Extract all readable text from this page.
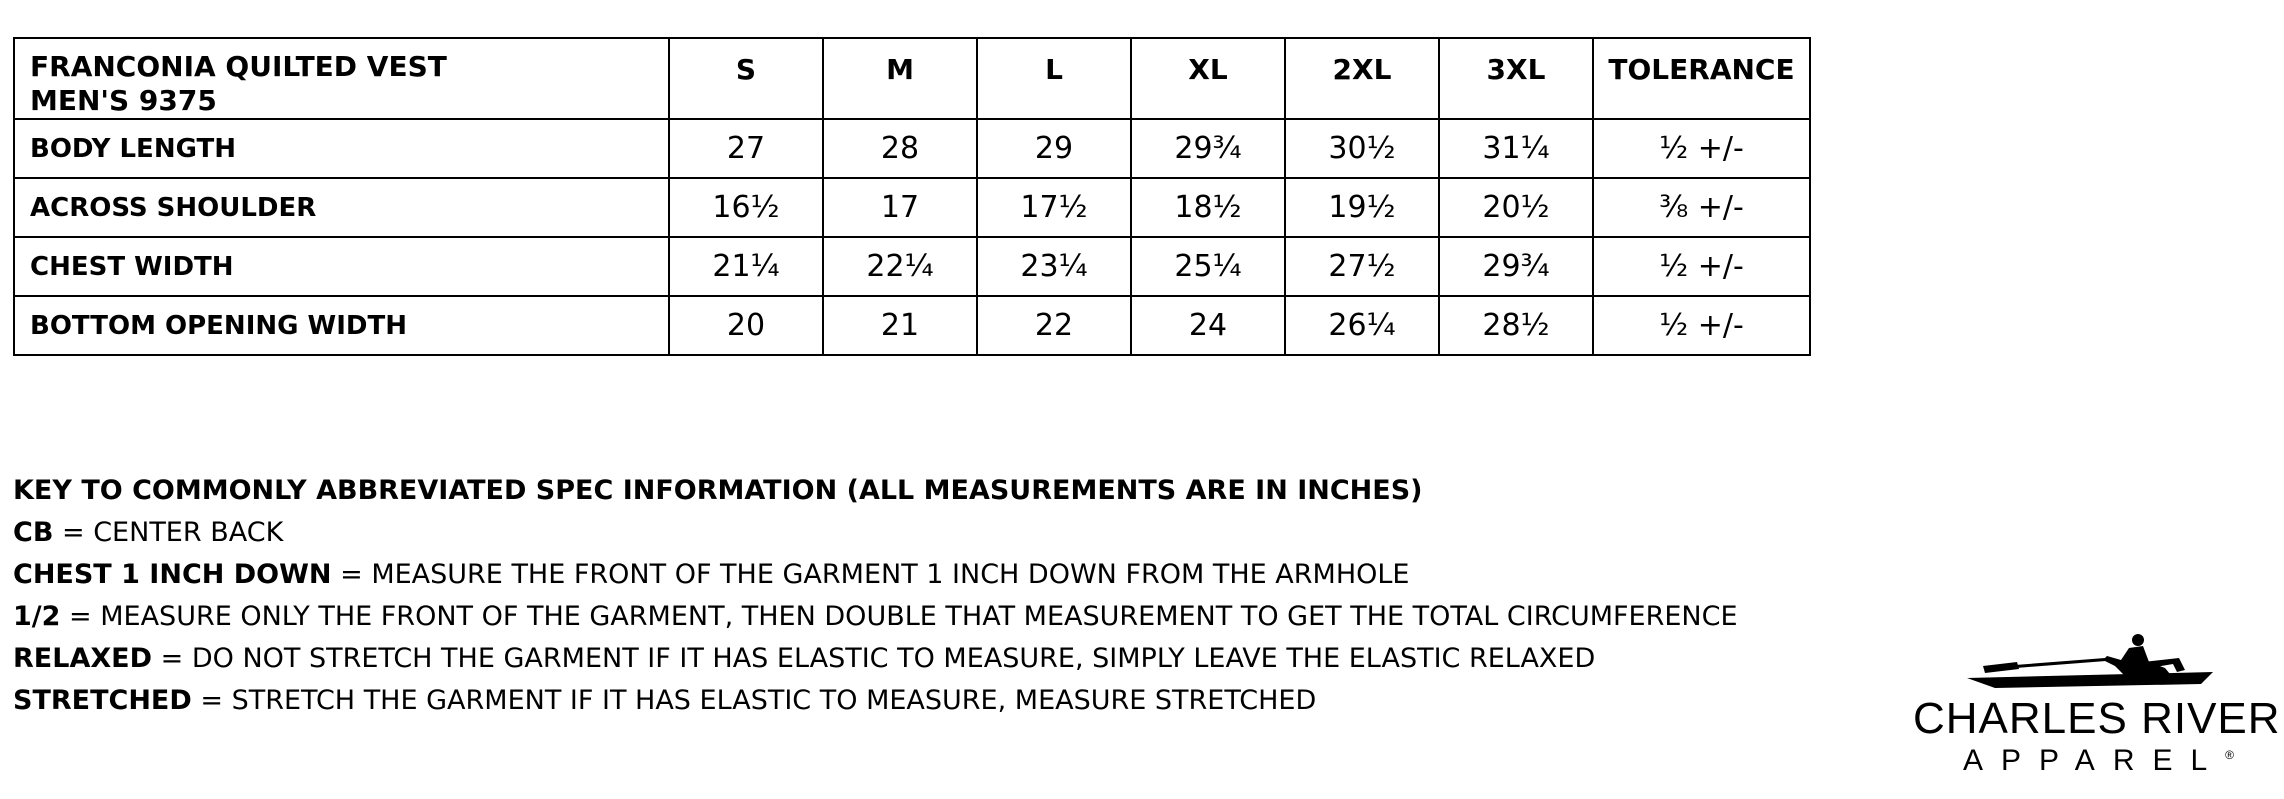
FRANCONIA QUILTED VEST
MEN'S 9375	S	M	L	XL	2XL	3XL	TOLERANCE
BODY LENGTH	27	28	29	29¾	30½	31¼	½ +/-
ACROSS SHOULDER	16½	17	17½	18½	19½	20½	⅜ +/-
CHEST WIDTH	21¼	22¼	23¼	25¼	27½	29¾	½ +/-
BOTTOM OPENING WIDTH	20	21	22	24	26¼	28½	½ +/-
KEY TO COMMONLY ABBREVIATED SPEC INFORMATION (ALL MEASUREMENTS ARE IN INCHES)
CB = CENTER BACK
CHEST 1 INCH DOWN = MEASURE THE FRONT OF THE GARMENT 1 INCH DOWN FROM THE ARMHOLE
1/2 = MEASURE ONLY THE FRONT OF THE GARMENT, THEN DOUBLE THAT MEASUREMENT TO GET THE TOTAL CIRCUMFERENCE
RELAXED = DO NOT STRETCH THE GARMENT IF IT HAS ELASTIC TO MEASURE, SIMPLY LEAVE THE ELASTIC RELAXED
STRETCHED = STRETCH THE GARMENT IF IT HAS ELASTIC TO MEASURE, MEASURE STRETCHED	CHARLES RIVER
APPAREL®
